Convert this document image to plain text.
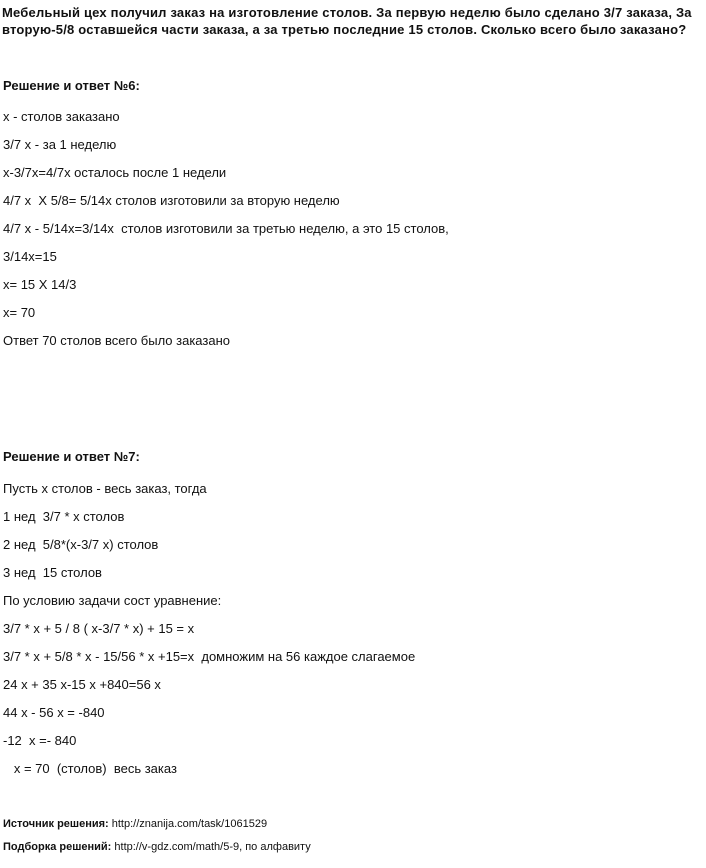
Мебельный цех получил заказ на изготовление столов. За первую неделю было сделано 3/7 заказа, За вторую-5/8 оставшейся части заказа, а за третью последние 15 столов. Сколько всего было заказано?
Решение и ответ №6:
х - столов заказано
3/7 х - за 1 неделю
х-3/7х=4/7х осталось после 1 недели
4/7 х  Х 5/8= 5/14х столов изготовили за вторую неделю
4/7 х - 5/14х=3/14х  столов изготовили за третью неделю, а это 15 столов,
3/14х=15
х= 15 Х 14/3
х= 70
Ответ 70 столов всего было заказано
Решение и ответ №7:
Пусть х столов - весь заказ, тогда
1 нед  3/7 * х столов
2 нед  5/8*(х-3/7 х) столов
3 нед  15 столов
По условию задачи сост уравнение:
3/7 * х + 5 / 8 ( х-3/7 * х) + 15 = х
3/7 * х + 5/8 * х - 15/56 * х +15=х  домножим на 56 каждое слагаемое
24 х + 35 х-15 х +840=56 х
44 х - 56 х = -840
-12  х =- 840
х = 70  (столов)  весь заказ
Источник решения: http://znanija.com/task/1061529
Подборка решений: http://v-gdz.com/math/5-9, по алфавиту
